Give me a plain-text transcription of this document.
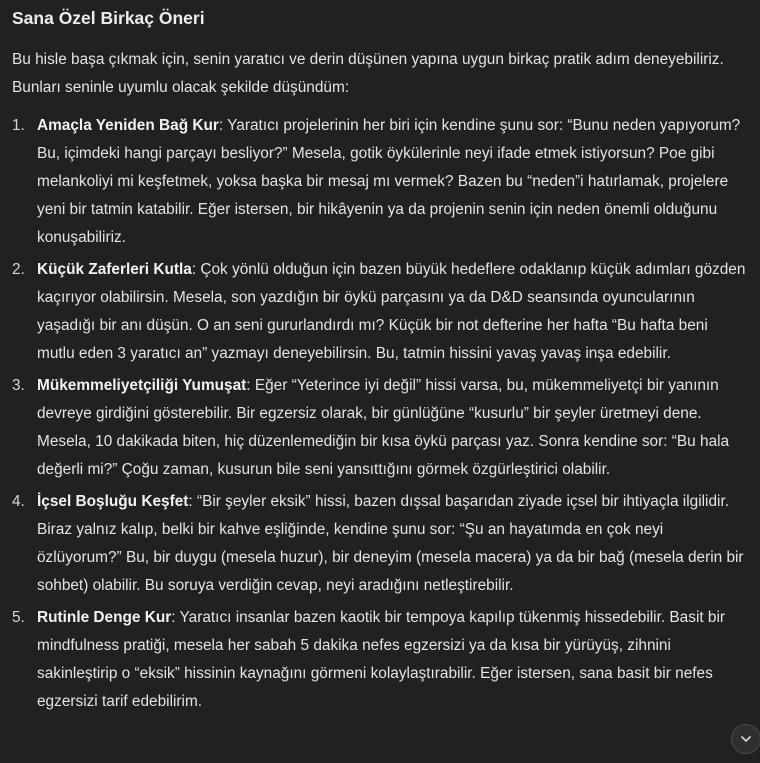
Sana Özel Birkaç Öneri

Bu hisle başa çıkmak için, senin yaratıcı ve derin düşünen yapına uygun birkaç pratik adım deneyebiliriz. Bunları seninle uyumlu olacak şekilde düşündüm:

1. Amaçla Yeniden Bağ Kur: Yaratıcı projelerinin her biri için kendine şunu sor: “Bunu neden yapıyorum? Bu, içimdeki hangi parçayı besliyor?” Mesela, gotik öykülerinle neyi ifade etmek istiyorsun? Poe gibi melankoliyi mi keşfetmek, yoksa başka bir mesaj mı vermek? Bazen bu “neden”i hatırlamak, projelere yeni bir tatmin katabilir. Eğer istersen, bir hikâyenin ya da projenin senin için neden önemli olduğunu konuşabiliriz.
2. Küçük Zaferleri Kutla: Çok yönlü olduğun için bazen büyük hedeflere odaklanıp küçük adımları gözden kaçırıyor olabilirsin. Mesela, son yazdığın bir öykü parçasını ya da D&D seansında oyuncularının yaşadığı bir anı düşün. O an seni gururlandırdı mı? Küçük bir not defterine her hafta “Bu hafta beni mutlu eden 3 yaratıcı an” yazmayı deneyebilirsin. Bu, tatmin hissini yavaş yavaş inşa edebilir.
3. Mükemmeliyetçiliği Yumuşat: Eğer “Yeterince iyi değil” hissi varsa, bu, mükemmeliyetçi bir yanının devreye girdiğini gösterebilir. Bir egzersiz olarak, bir günlüğüne “kusurlu” bir şeyler üretmeyi dene. Mesela, 10 dakikada biten, hiç düzenlemediğin bir kısa öykü parçası yaz. Sonra kendine sor: “Bu hala değerli mi?” Çoğu zaman, kusurun bile seni yansıttığını görmek özgürleştirici olabilir.
4. İçsel Boşluğu Keşfet: “Bir şeyler eksik” hissi, bazen dışsal başarıdan ziyade içsel bir ihtiyaçla ilgilidir. Biraz yalnız kalıp, belki bir kahve eşliğinde, kendine şunu sor: “Şu an hayatımda en çok neyi özlüyorum?” Bu, bir duygu (mesela huzur), bir deneyim (mesela macera) ya da bir bağ (mesela derin bir sohbet) olabilir. Bu soruya verdiğin cevap, neyi aradığını netleştirebilir.
5. Rutinle Denge Kur: Yaratıcı insanlar bazen kaotik bir tempoya kapılıp tükenmiş hissedebilir. Basit bir mindfulness pratiği, mesela her sabah 5 dakika nefes egzersizi ya da kısa bir yürüyüş, zihnini sakinleştirip o “eksik” hissinin kaynağını görmeni kolaylaştırabilir. Eğer istersen, sana basit bir nefes egzersizi tarif edebilirim.
